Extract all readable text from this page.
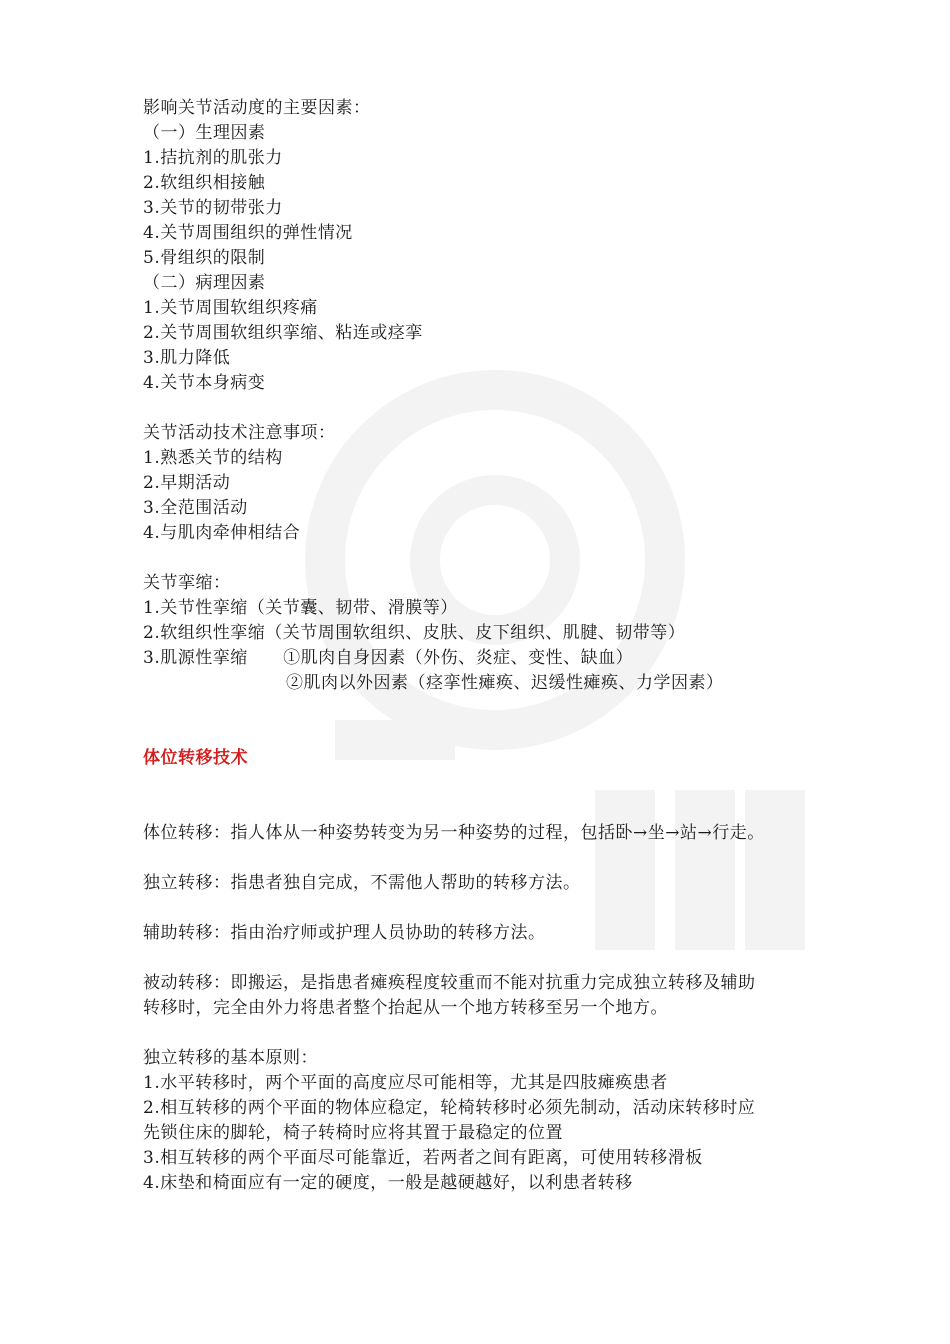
影响关节活动度的主要因素：
（一）生理因素
1.拮抗剂的肌张力
2.软组织相接触
3.关节的韧带张力
4.关节周围组织的弹性情况
5.骨组织的限制
（二）病理因素
1.关节周围软组织疼痛
2.关节周围软组织挛缩、粘连或痉挛
3.肌力降低
4.关节本身病变
关节活动技术注意事项：
1.熟悉关节的结构
2.早期活动
3.全范围活动
4.与肌肉牵伸相结合
关节挛缩：
1.关节性挛缩（关节囊、韧带、滑膜等）
2.软组织性挛缩（关节周围软组织、皮肤、皮下组织、肌腱、韧带等）
3.肌源性挛缩      ①肌肉自身因素（外伤、炎症、变性、缺血）
②肌肉以外因素（痉挛性瘫痪、迟缓性瘫痪、力学因素）
体位转移技术
体位转移：指人体从一种姿势转变为另一种姿势的过程，包括卧→坐→站→行走。
独立转移：指患者独自完成，不需他人帮助的转移方法。
辅助转移：指由治疗师或护理人员协助的转移方法。
被动转移：即搬运，是指患者瘫痪程度较重而不能对抗重力完成独立转移及辅助
转移时，完全由外力将患者整个抬起从一个地方转移至另一个地方。
独立转移的基本原则：
1.水平转移时，两个平面的高度应尽可能相等，尤其是四肢瘫痪患者
2.相互转移的两个平面的物体应稳定，轮椅转移时必须先制动，活动床转移时应
先锁住床的脚轮，椅子转椅时应将其置于最稳定的位置
3.相互转移的两个平面尽可能靠近，若两者之间有距离，可使用转移滑板
4.床垫和椅面应有一定的硬度，一般是越硬越好，以利患者转移
